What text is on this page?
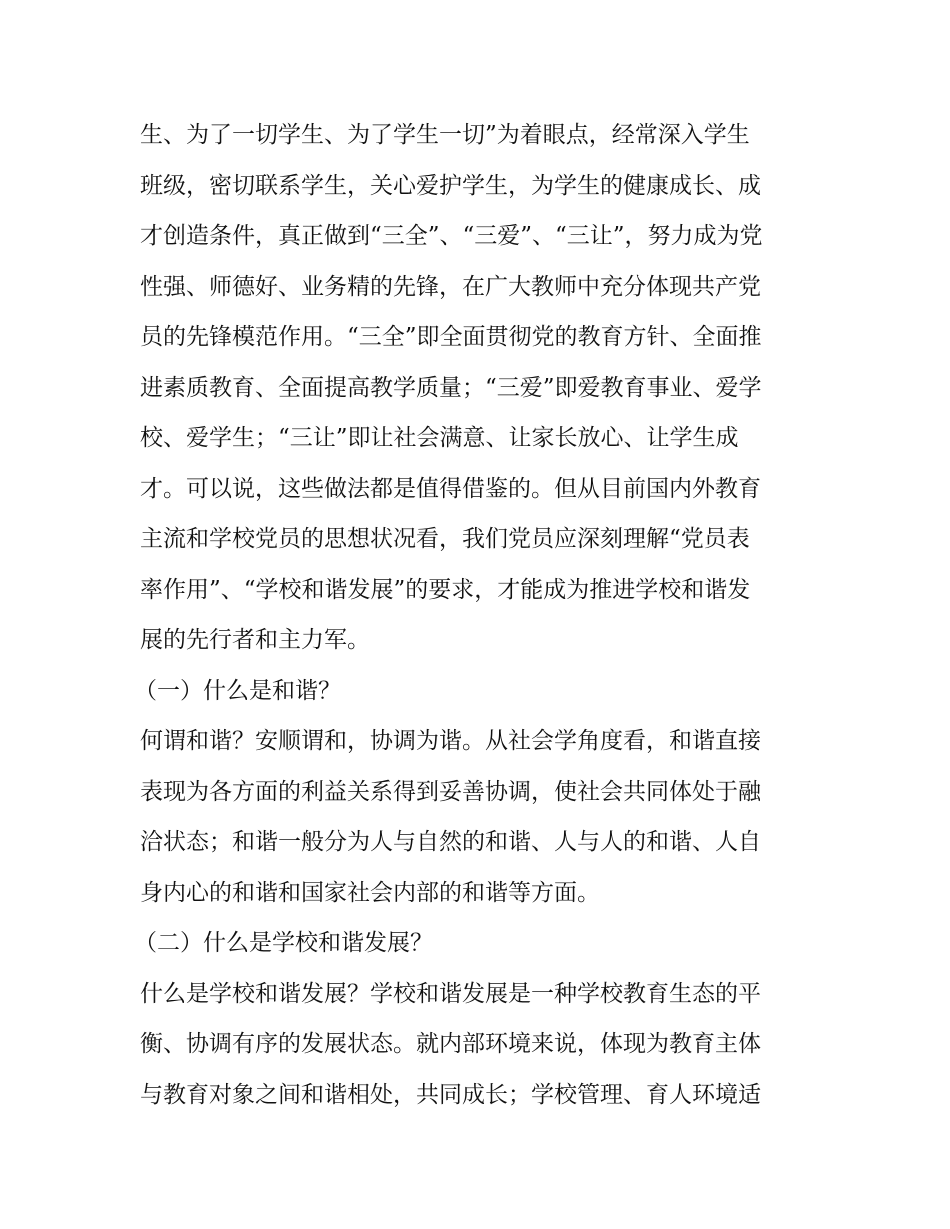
生、为了一切学生、为了学生一切”为着眼点，经常深入学生
班级，密切联系学生，关心爱护学生，为学生的健康成长、成
才创造条件，真正做到“三全”、“三爱”、“三让”，努力成为党
性强、师德好、业务精的先锋，在广大教师中充分体现共产党
员的先锋模范作用。“三全”即全面贯彻党的教育方针、全面推
进素质教育、全面提高教学质量；“三爱”即爱教育事业、爱学
校、爱学生；“三让”即让社会满意、让家长放心、让学生成
才。可以说，这些做法都是值得借鉴的。但从目前国内外教育
主流和学校党员的思想状况看，我们党员应深刻理解“党员表
率作用”、“学校和谐发展”的要求，才能成为推进学校和谐发
展的先行者和主力军。
（一）什么是和谐？
何谓和谐？安顺谓和，协调为谐。从社会学角度看，和谐直接
表现为各方面的利益关系得到妥善协调，使社会共同体处于融
洽状态；和谐一般分为人与自然的和谐、人与人的和谐、人自
身内心的和谐和国家社会内部的和谐等方面。
（二）什么是学校和谐发展？
什么是学校和谐发展？学校和谐发展是一种学校教育生态的平
衡、协调有序的发展状态。就内部环境来说，体现为教育主体
与教育对象之间和谐相处，共同成长；学校管理、育人环境适
